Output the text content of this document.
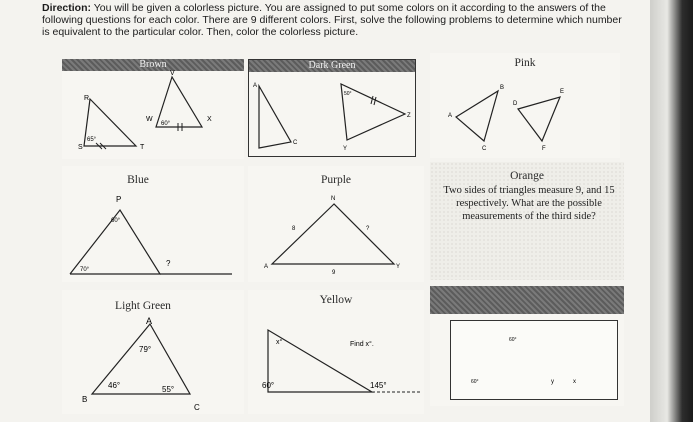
Direction: You will be given a colorless picture. You are assigned to put some colors on it according to the answers of the following questions for each color. There are 9 different colors. First, solve the following problems to determine which number is equivalent to the particular color. Then, color the colorless picture.
Brown
R
S	T
65°
V
W	X
60°
Dark Green
A
C
50°
Y
Z
Pink
A
B
C
D
E
F
Blue
P
60°
70°
?
Purple
N
A	Y
8
9
?
Orange
Two sides of triangles measure 9, and 15 respectively. What are the possible measurements of the third side?
Light Green
A
B
C
79°
46°	55°
Yellow
Find x°.
x°
60°	145°
60°
60°	y	x
